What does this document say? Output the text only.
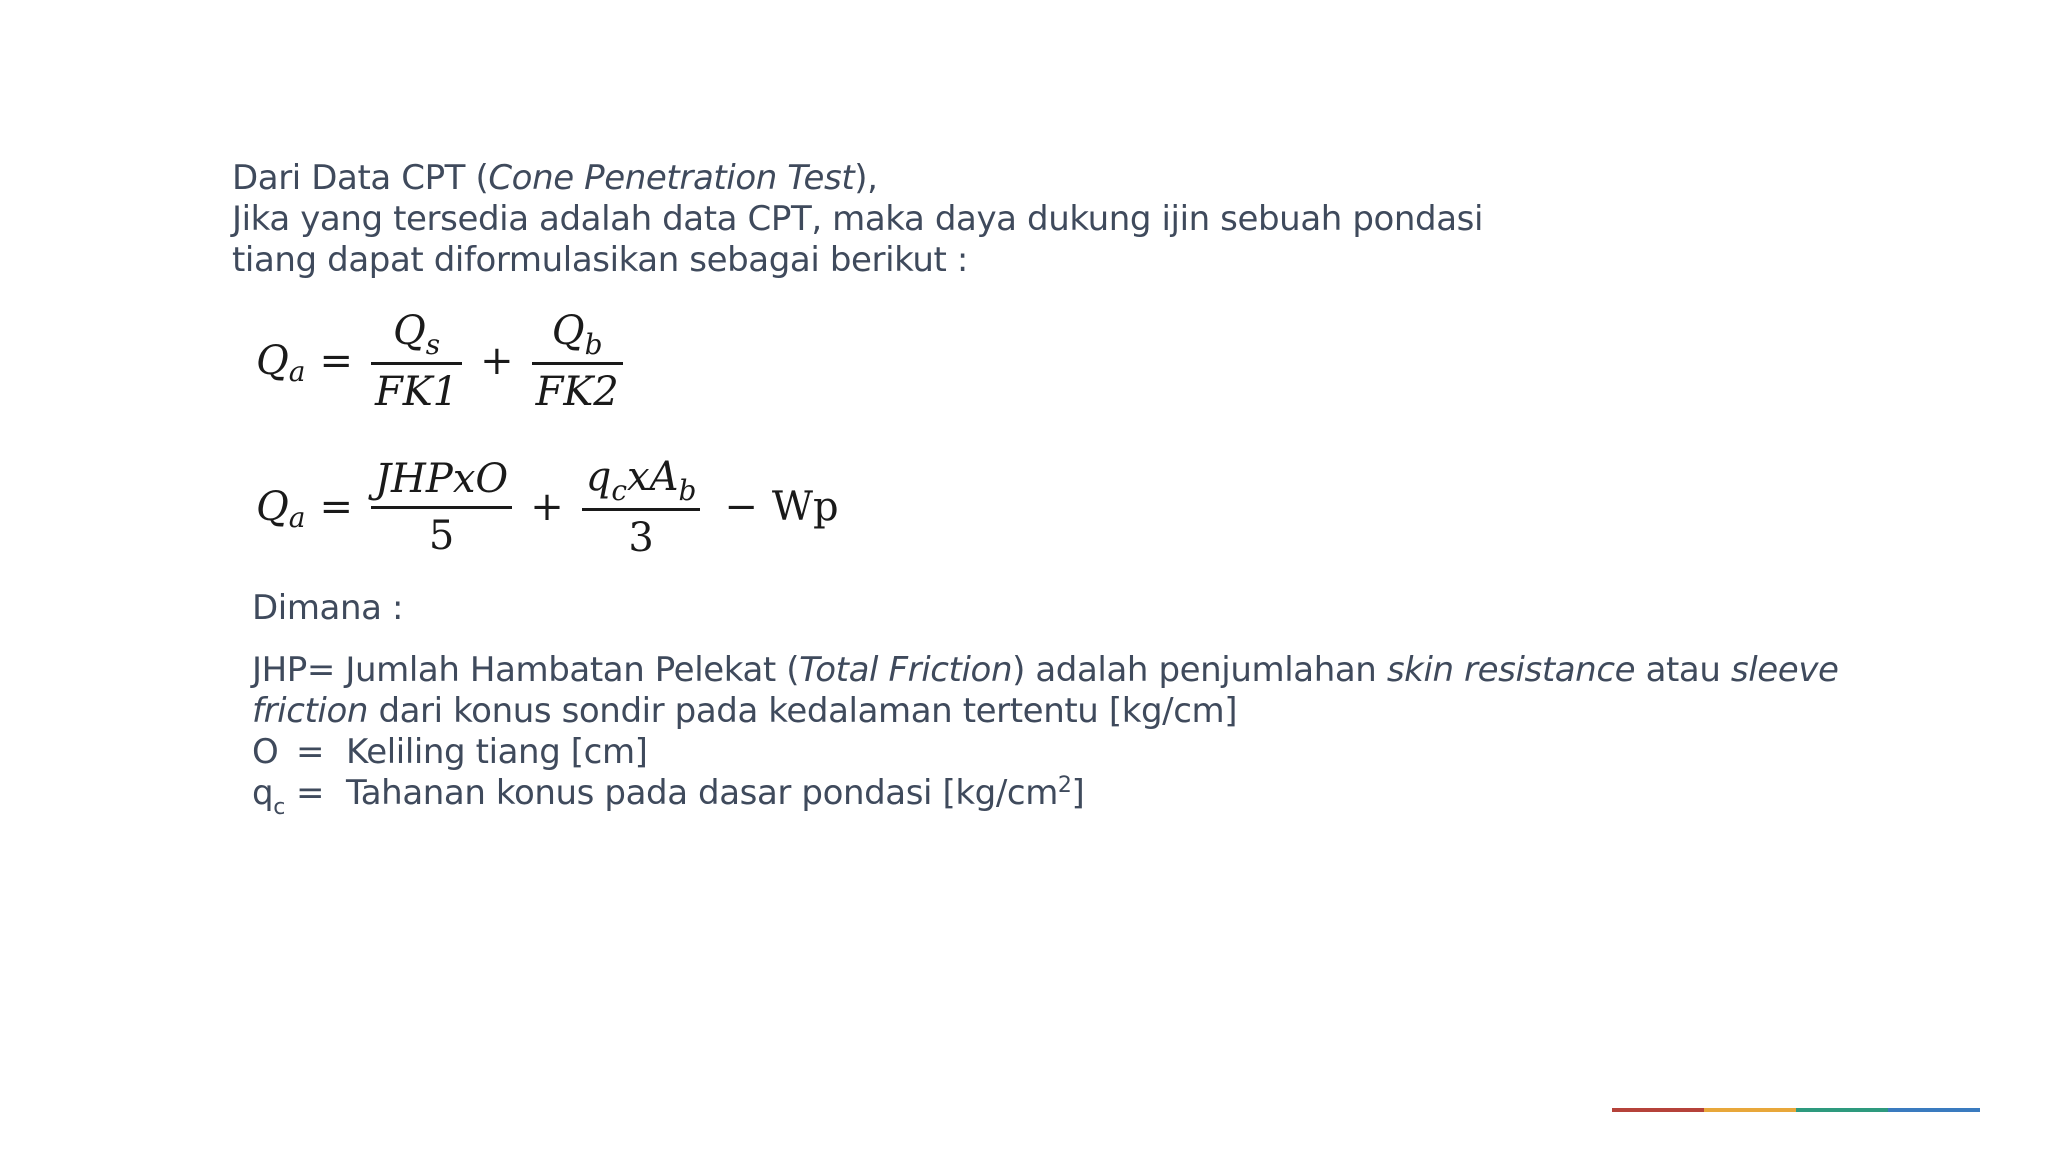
Dari Data CPT (Cone Penetration Test),
Jika yang tersedia adalah data CPT, maka daya dukung ijin sebuah pondasi
tiang dapat diformulasikan sebagai berikut :
Q $a = \frac{Q_s}{FK1} + \frac{Q_b}{FK2}$
Q $a = \frac{\text{JHPxO}}{5} + \frac{q_cxA_b}{3} - Wp$
Dimana :
JHP= Jumlah Hambatan Pelekat (Total Friction) adalah penjumlahan skin resistance atau sleeve friction dari konus sondir pada kedalaman tertentu [kg/cm]
O = Keliling tiang [cm]
$q_c$ = Tahanan konus pada dasar pondasi $[kg/cm^2]$
